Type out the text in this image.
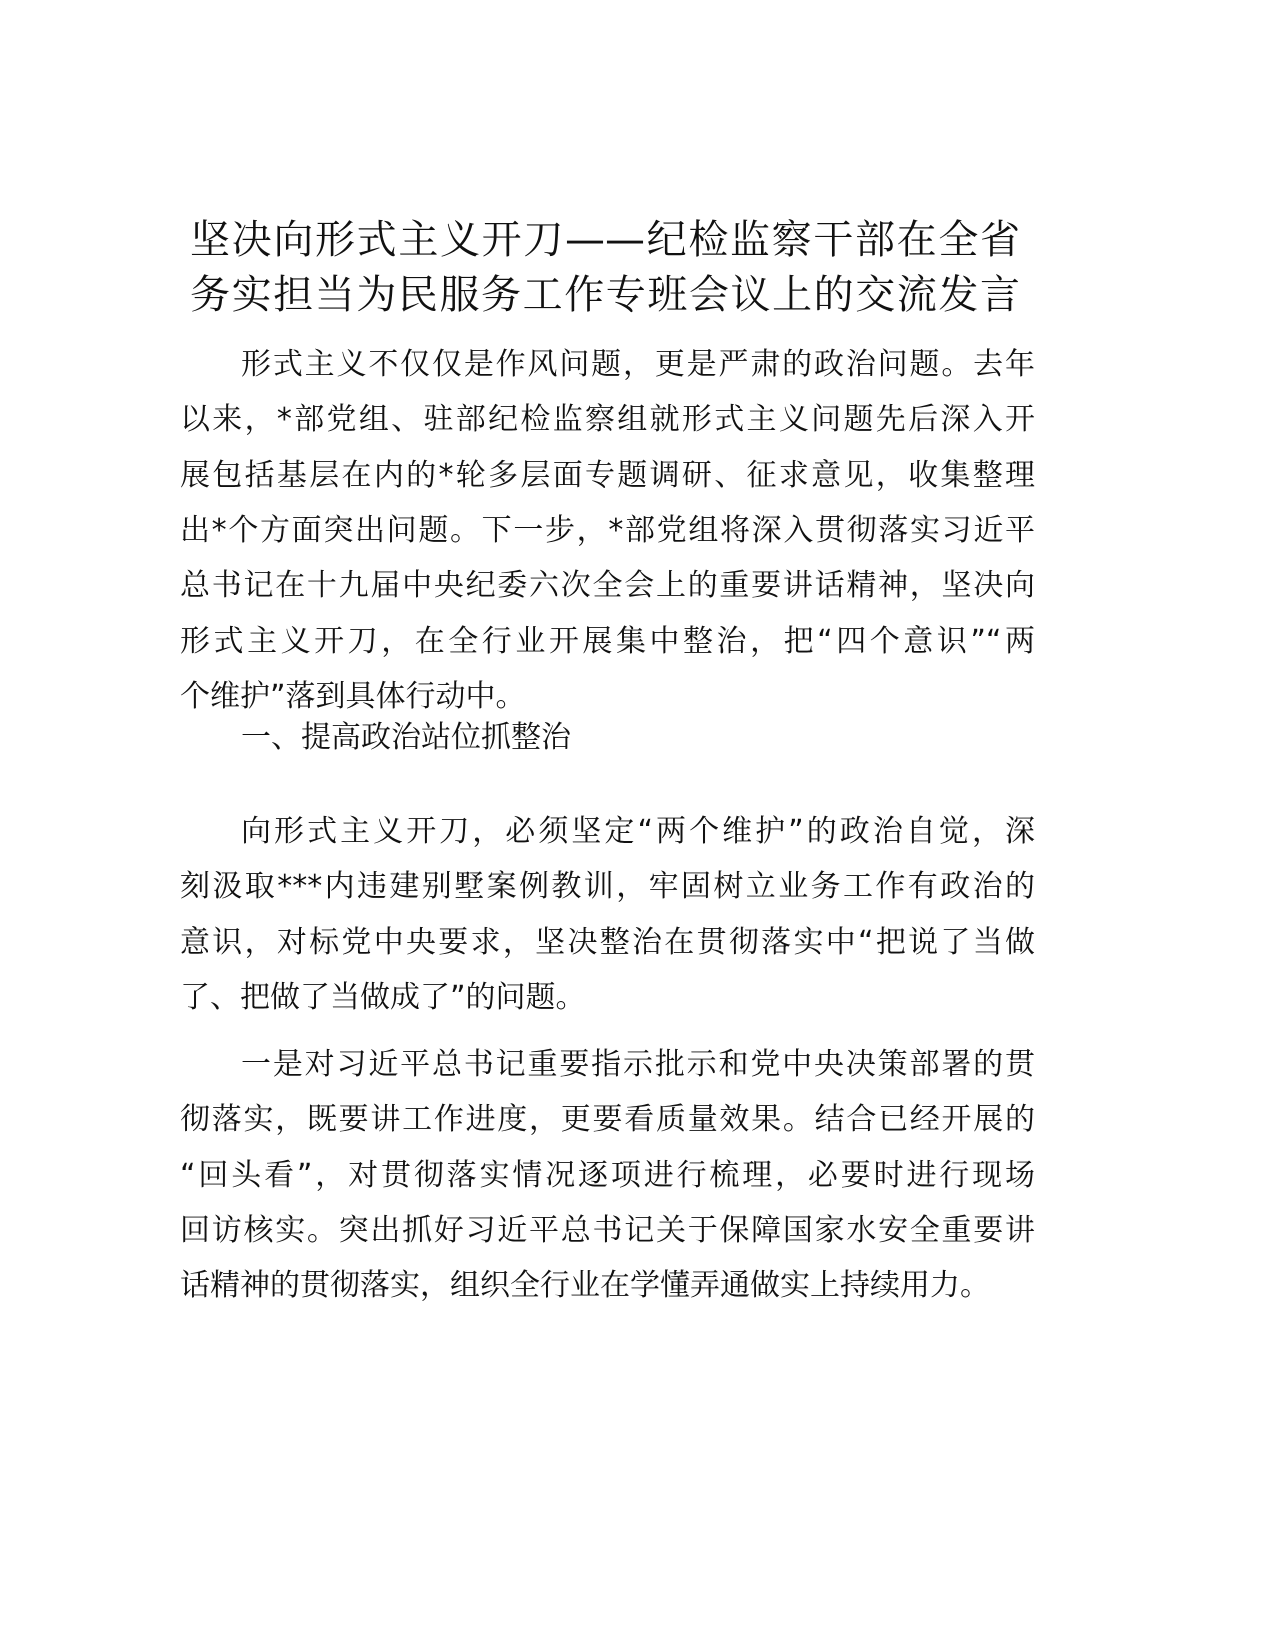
坚决向形式主义开刀——纪检监察干部在全省
务实担当为民服务工作专班会议上的交流发言
形式主义不仅仅是作风问题，更是严肃的政治问题。去年
以来，*部党组、驻部纪检监察组就形式主义问题先后深入开
展包括基层在内的*轮多层面专题调研、征求意见，收集整理
出*个方面突出问题。下一步，*部党组将深入贯彻落实习近平
总书记在十九届中央纪委六次全会上的重要讲话精神，坚决向
形式主义开刀，在全行业开展集中整治，把“四个意识”“两
个维护”落到具体行动中。
一、提高政治站位抓整治
向形式主义开刀，必须坚定“两个维护”的政治自觉，深
刻汲取***内违建别墅案例教训，牢固树立业务工作有政治的
意识，对标党中央要求，坚决整治在贯彻落实中“把说了当做
了、把做了当做成了”的问题。
一是对习近平总书记重要指示批示和党中央决策部署的贯
彻落实，既要讲工作进度，更要看质量效果。结合已经开展的
“回头看”，对贯彻落实情况逐项进行梳理，必要时进行现场
回访核实。突出抓好习近平总书记关于保障国家水安全重要讲
话精神的贯彻落实，组织全行业在学懂弄通做实上持续用力。
